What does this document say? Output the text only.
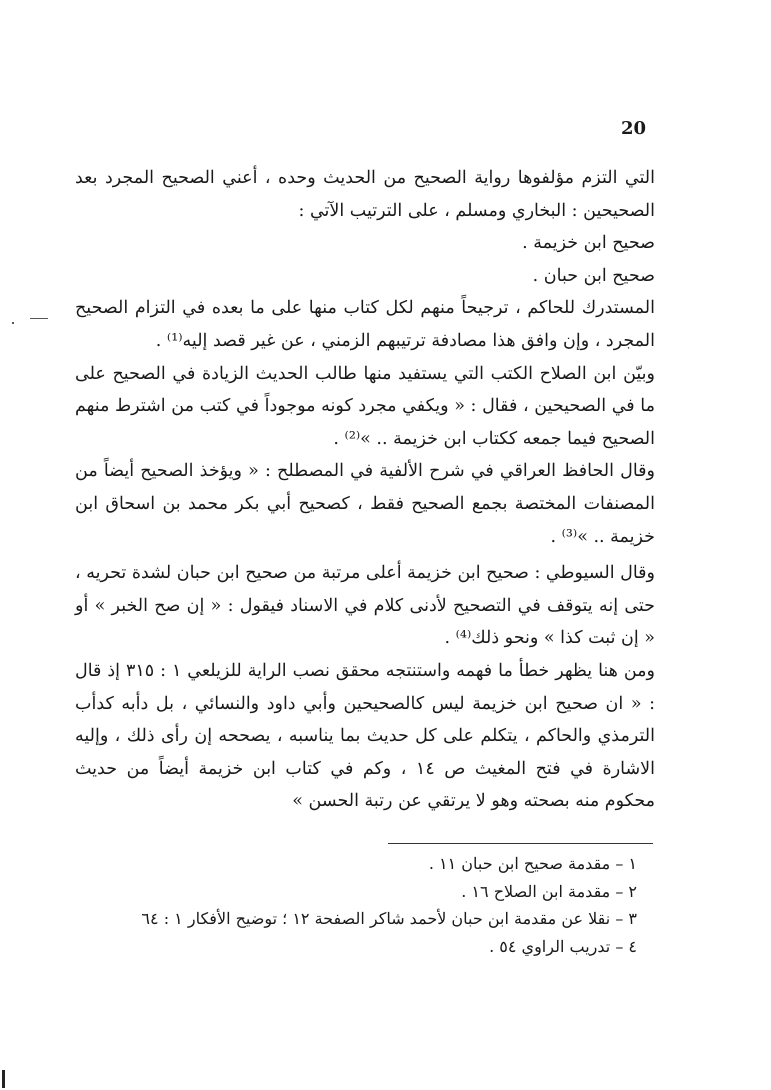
20

التي التزم مؤلفوها رواية الصحيح من الحديث وحده ، أعني الصحيح المجرد بعد الصحيحين : البخاري ومسلم ، على الترتيب الآتي :

صحيح ابن خزيمة .

صحيح ابن حبان .

المستدرك للحاكم ، ترجيحاً منهم لكل كتاب منها على ما بعده في التزام الصحيح المجرد ، وإن وافق هذا مصادفة ترتيبهم الزمني ، عن غير قصد إليه⁽¹⁾ .

وبيّن ابن الصلاح الكتب التي يستفيد منها طالب الحديث الزيادة في الصحيح على ما في الصحيحين ، فقال : « ويكفي مجرد كونه موجوداً في كتب من اشترط منهم الصحيح فيما جمعه ككتاب ابن خزيمة .. »⁽²⁾ .

وقال الحافظ العراقي في شرح الألفية في المصطلح : « ويؤخذ الصحيح أيضاً من المصنفات المختصة بجمع الصحيح فقط ، كصحيح أبي بكر محمد بن اسحاق ابن خزيمة .. »⁽³⁾ .

وقال السيوطي : صحيح ابن خزيمة أعلى مرتبة من صحيح ابن حبان لشدة تحريه ، حتى إنه يتوقف في التصحيح لأدنى كلام في الاسناد فيقول : « إن صح الخبر » أو « إن ثبت كذا » ونحو ذلك⁽⁴⁾ .

ومن هنا يظهر خطأ ما فهمه واستنتجه محقق نصب الراية للزيلعي ١ : ٣١٥ إذ قال : « ان صحيح ابن خزيمة ليس كالصحيحين وأبي داود والنسائي ، بل دأبه كدأب الترمذي والحاكم ، يتكلم على كل حديث بما يناسبه ، يصححه إن رأى ذلك ، وإليه الاشارة في فتح المغيث ص ١٤ ، وكم في كتاب ابن خزيمة أيضاً من حديث محكوم منه بصحته وهو لا يرتقي عن رتبة الحسن »

١ – مقدمة صحيح ابن حبان ١١ .

٢ – مقدمة ابن الصلاح ١٦ .

٣ – نقلا عن مقدمة ابن حبان لأحمد شاكر الصفحة ١٢ ؛ توضيح الأفكار ١ : ٦٤

٤ – تدريب الراوي ٥٤ .
